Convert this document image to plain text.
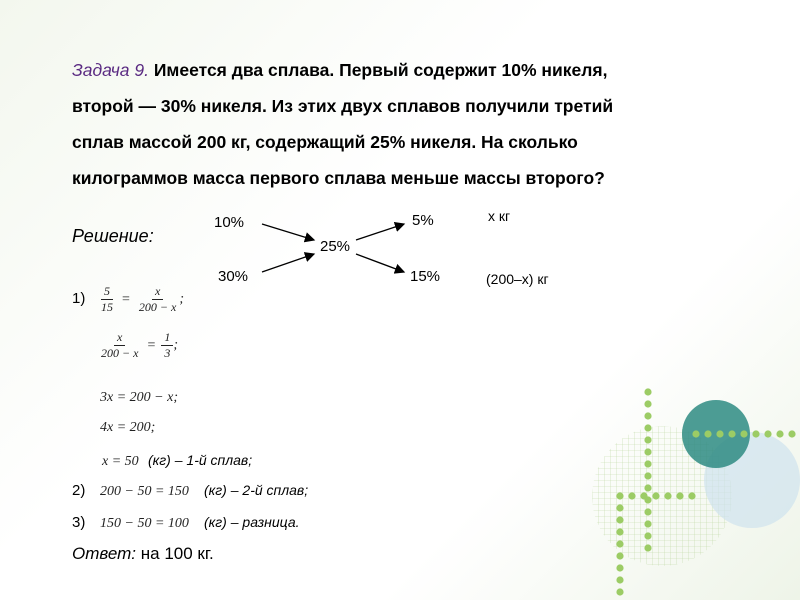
Задача 9. Имеется два сплава. Первый содержит 10% никеля,
второй — 30% никеля. Из этих двух сплавов получили третий
сплав массой 200 кг, содержащий 25% никеля. На сколько
килограммов масса первого сплава меньше массы второго?
Решение:
10%
30%
25%
5%
15%
х кг
(200–х) кг
$1) \frac{5}{15} = \frac{x}{200 - x}$ ;
$\frac{x}{200 - x} = \frac{1}{3}$ ;
3x = 200 − x;
4x = 200;
x = 50 (кг) – 1-й сплав;
2) 200 − 50 = 150 (кг) – 2-й сплав;
3) 150 − 50 = 100 (кг) – разница.
Ответ: на 100 кг.
